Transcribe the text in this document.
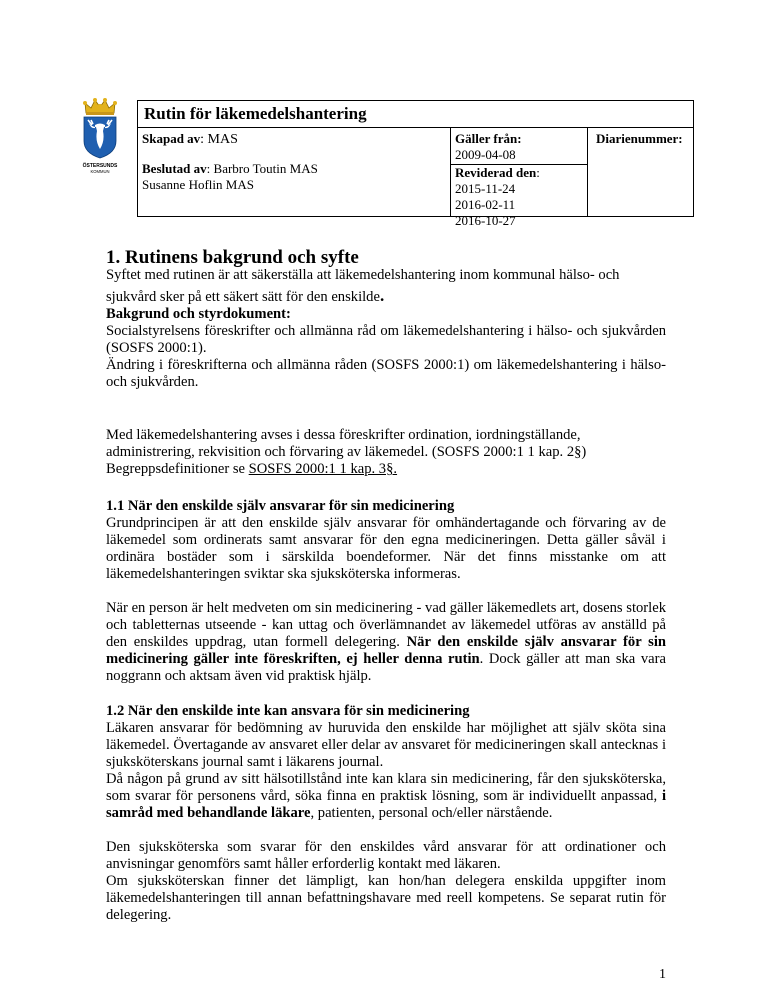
ÖSTERSUNDS
KOMMUN
Rutin för läkemedelshantering
Skapad av: MAS
Beslutad av: Barbro Toutin MAS
Susanne Hoflin MAS
Gäller från:
2009-04-08
Reviderad den:
2015-11-24
2016-02-11
2016-10-27
Diarienummer:
1. Rutinens bakgrund och syfte
Syftet med rutinen är att säkerställa att läkemedelshantering inom kommunal hälso- och
sjukvård sker på ett säkert sätt för den enskilde.
Bakgrund och styrdokument:
Socialstyrelsens föreskrifter och allmänna råd om läkemedelshantering i hälso- och sjukvården (SOSFS 2000:1).
Ändring i föreskrifterna och allmänna råden (SOSFS 2000:1) om läkemedelshantering i hälso- och sjukvården.
Med läkemedelshantering avses i dessa föreskrifter ordination, iordningställande,
administrering, rekvisition och förvaring av läkemedel. (SOSFS 2000:1 1 kap. 2§)
Begreppsdefinitioner se SOSFS 2000:1 1 kap. 3§.
1.1 När den enskilde själv ansvarar för sin medicinering
Grundprincipen är att den enskilde själv ansvarar för omhändertagande och förvaring av de läkemedel som ordinerats samt ansvarar för den egna medicineringen. Detta gäller såväl i ordinära bostäder som i särskilda boendeformer. När det finns misstanke om att läkemedelshanteringen sviktar ska sjuksköterska informeras.
När en person är helt medveten om sin medicinering - vad gäller läkemedlets art, dosens storlek och tabletternas utseende - kan uttag och överlämnandet av läkemedel utföras av anställd på den enskildes uppdrag, utan formell delegering. När den enskilde själv ansvarar för sin medicinering gäller inte föreskriften, ej heller denna rutin. Dock gäller att man ska vara noggrann och aktsam även vid praktisk hjälp.
1.2 När den enskilde inte kan ansvara för sin medicinering
Läkaren ansvarar för bedömning av huruvida den enskilde har möjlighet att själv sköta sina läkemedel. Övertagande av ansvaret eller delar av ansvaret för medicineringen skall antecknas i sjuksköterskans journal samt i läkarens journal.
Då någon på grund av sitt hälsotillstånd inte kan klara sin medicinering, får den sjuksköterska, som svarar för personens vård, söka finna en praktisk lösning, som är individuellt anpassad, i samråd med behandlande läkare, patienten, personal och/eller närstående.
Den sjuksköterska som svarar för den enskildes vård ansvarar för att ordinationer och anvisningar genomförs samt håller erforderlig kontakt med läkaren.
Om sjuksköterskan finner det lämpligt, kan hon/han delegera enskilda uppgifter inom läkemedelshanteringen till annan befattningshavare med reell kompetens. Se separat rutin för delegering.
1
